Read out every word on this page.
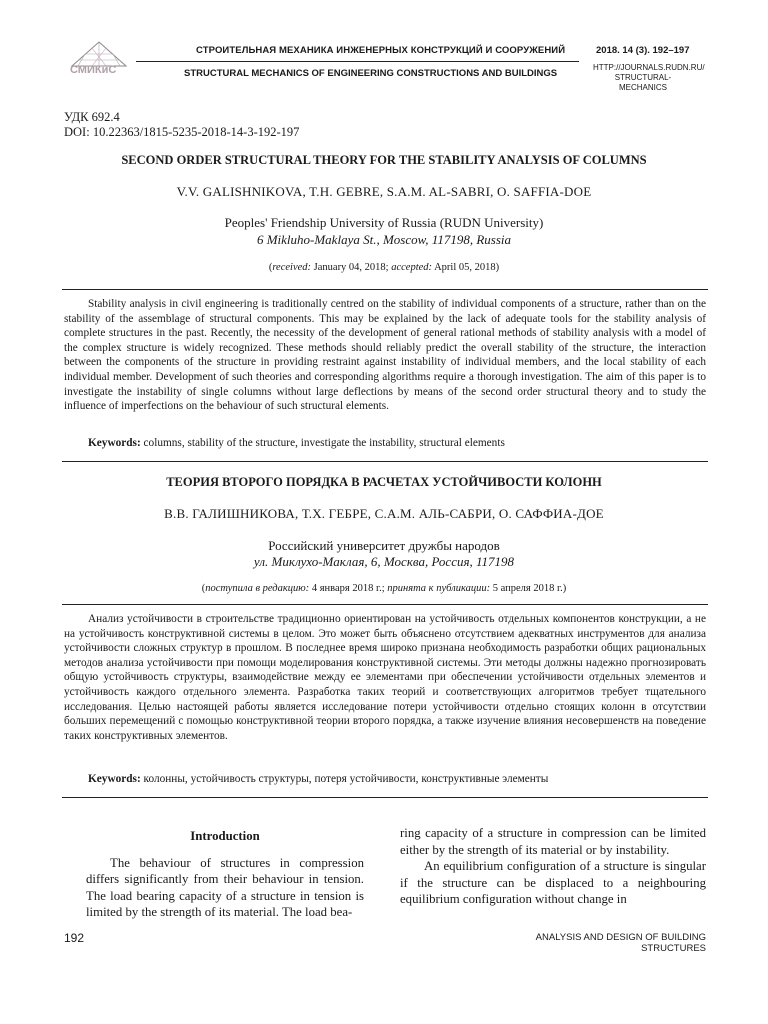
СМИКиС
СТРОИТЕЛЬНАЯ МЕХАНИКА ИНЖЕНЕРНЫХ КОНСТРУКЦИЙ И СООРУЖЕНИЙ
STRUCTURAL MECHANICS OF ENGINEERING CONSTRUCTIONS AND BUILDINGS
2018. 14 (3). 192–197
HTTP://JOURNALS.RUDN.RU/
STRUCTURAL-MECHANICS
УДК 692.4
DOI: 10.22363/1815-5235-2018-14-3-192-197
SECOND ORDER STRUCTURAL THEORY FOR THE STABILITY ANALYSIS OF COLUMNS
V.V. GALISHNIKOVA, T.H. GEBRE, S.A.M. AL-SABRI, O. SAFFIA-DOE
Peoples' Friendship University of Russia (RUDN University)
6 Mikluho-Maklaya St., Moscow, 117198, Russia
(received: January 04, 2018; accepted: April 05, 2018)
Stability analysis in civil engineering is traditionally centred on the stability of individual components of a structure, rather than on the stability of the assemblage of structural components. This may be explained by the lack of adequate tools for the stability analysis of complete structures in the past. Recently, the necessity of the development of general rational methods of stability analysis with a model of the complex structure is widely recognized. These methods should reliably predict the overall stability of the structure, the interaction between the components of the structure in providing restraint against instability of individual members, and the local stability of each individual member. Development of such theories and corresponding algorithms require a thorough investigation. The aim of this paper is to investigate the instability of single columns without large deflections by means of the second order structural theory and to study the influence of imperfections on the behaviour of such structural elements.
Keywords: columns, stability of the structure, investigate the instability, structural elements
ТЕОРИЯ ВТОРОГО ПОРЯДКА В РАСЧЕТАХ УСТОЙЧИВОСТИ КОЛОНН
В.В. ГАЛИШНИКОВА, Т.Х. ГЕБРЕ, С.А.М. АЛЬ-САБРИ, О. САФФИА-ДОЕ
Российский университет дружбы народов
ул. Миклухо-Маклая, 6, Москва, Россия, 117198
(поступила в редакцию: 4 января 2018 г.; принята к публикации: 5 апреля 2018 г.)
Анализ устойчивости в строительстве традиционно ориентирован на устойчивость отдельных компонентов конструкции, а не на устойчивость конструктивной системы в целом. Это может быть объяснено отсутствием адекватных инструментов для анализа устойчивости сложных структур в прошлом. В последнее время широко признана необходимость разработки общих рациональных методов анализа устойчивости при помощи моделирования конструктивной системы. Эти методы должны надежно прогнозировать общую устойчивость структуры, взаимодействие между ее элементами при обеспечении устойчивости отдельных элементов и устойчивость каждого отдельного элемента. Разработка таких теорий и соответствующих алгоритмов требует тщательного исследования. Целью настоящей работы является исследование потери устойчивости отдельно стоящих колонн в отсутствии больших перемещений с помощью конструктивной теории второго порядка, а также изучение влияния несовершенств на поведение таких конструктивных элементов.
Keywords: колонны, устойчивость структуры, потеря устойчивости, конструктивные элементы
Introduction

The behaviour of structures in compression differs significantly from their behaviour in tension. The load bearing capacity of a structure in tension is limited by the strength of its material. The load bea-

ring capacity of a structure in compression can be limited either by the strength of its material or by instability.

An equilibrium configuration of a structure is singular if the structure can be displaced to a neighbouring equilibrium configuration without change in

192	ANALYSIS AND DESIGN OF BUILDING STRUCTURES
